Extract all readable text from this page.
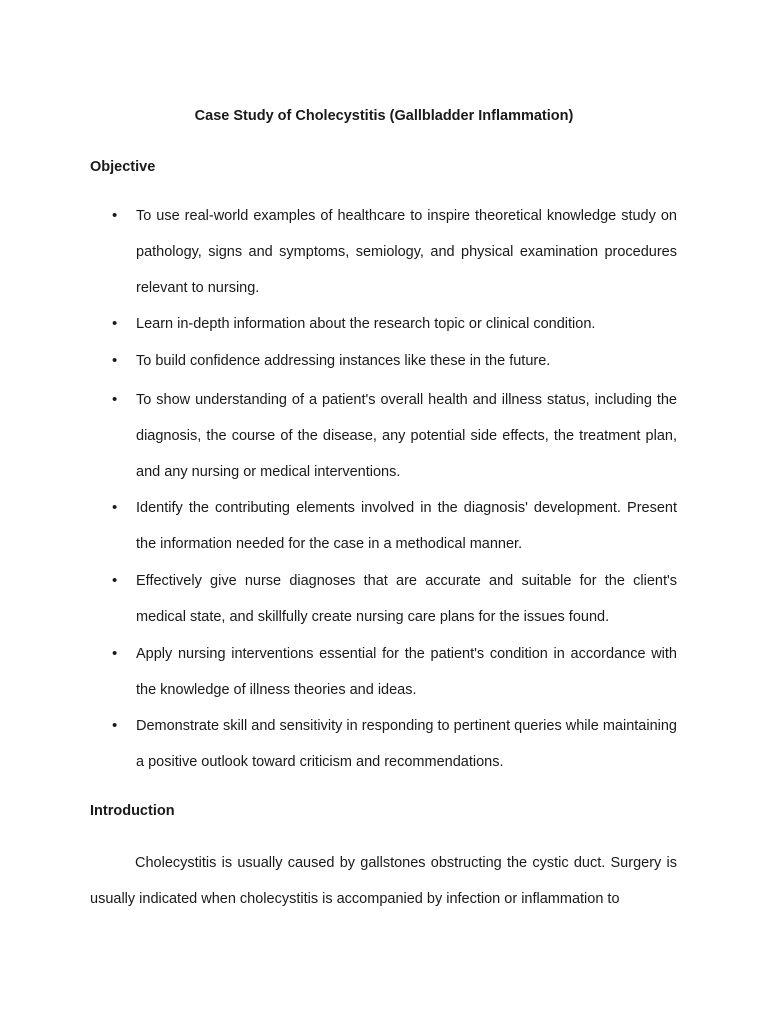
Case Study of Cholecystitis (Gallbladder Inflammation)
Objective
• To use real-world examples of healthcare to inspire theoretical knowledge study on pathology, signs and symptoms, semiology, and physical examination procedures relevant to nursing.
• Learn in-depth information about the research topic or clinical condition.
• To build confidence addressing instances like these in the future.
• To show understanding of a patient's overall health and illness status, including the diagnosis, the course of the disease, any potential side effects, the treatment plan, and any nursing or medical interventions.
• Identify the contributing elements involved in the diagnosis' development. Present the information needed for the case in a methodical manner.
• Effectively give nurse diagnoses that are accurate and suitable for the client's medical state, and skillfully create nursing care plans for the issues found.
• Apply nursing interventions essential for the patient's condition in accordance with the knowledge of illness theories and ideas.
• Demonstrate skill and sensitivity in responding to pertinent queries while maintaining a positive outlook toward criticism and recommendations.
Introduction

Cholecystitis is usually caused by gallstones obstructing the cystic duct. Surgery is usually indicated when cholecystitis is accompanied by infection or inflammation to
